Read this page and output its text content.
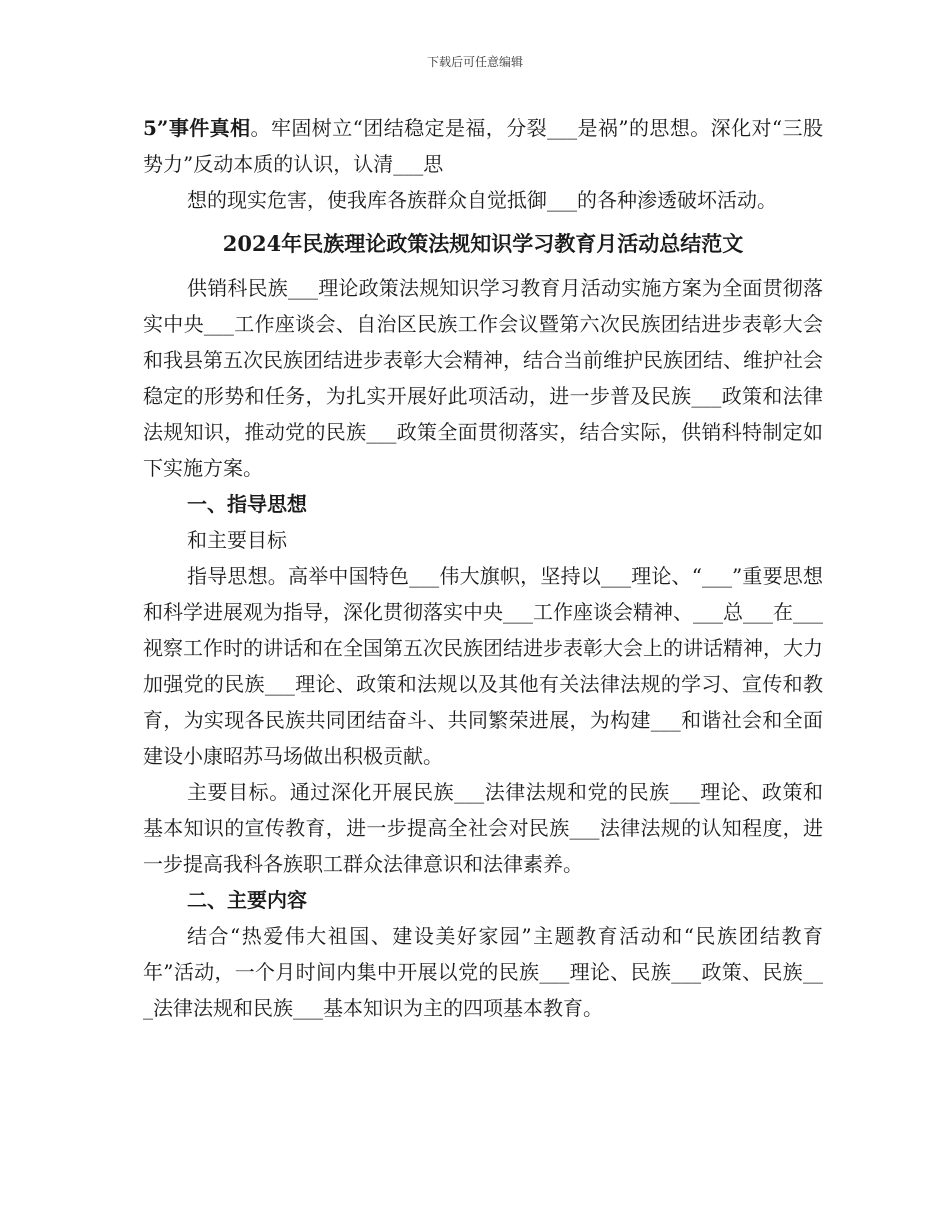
下载后可任意编辑

5”事件真相。牢固树立“团结稳定是福，分裂___是祸”的思想。深化对“三股势力”反动本质的认识，认清___思

想的现实危害，使我库各族群众自觉抵御___的各种渗透破坏活动。

2024年民族理论政策法规知识学习教育月活动总结范文

供销科民族___理论政策法规知识学习教育月活动实施方案为全面贯彻落实中央___工作座谈会、自治区民族工作会议暨第六次民族团结进步表彰大会和我县第五次民族团结进步表彰大会精神，结合当前维护民族团结、维护社会稳定的形势和任务，为扎实开展好此项活动，进一步普及民族___政策和法律法规知识，推动党的民族___政策全面贯彻落实，结合实际，供销科特制定如下实施方案。

一、指导思想

和主要目标

指导思想。高举中国特色___伟大旗帜，坚持以___理论、“___”重要思想和科学进展观为指导，深化贯彻落实中央___工作座谈会精神、___总___在___视察工作时的讲话和在全国第五次民族团结进步表彰大会上的讲话精神，大力加强党的民族___理论、政策和法规以及其他有关法律法规的学习、宣传和教育，为实现各民族共同团结奋斗、共同繁荣进展，为构建___和谐社会和全面建设小康昭苏马场做出积极贡献。

主要目标。通过深化开展民族___法律法规和党的民族___理论、政策和基本知识的宣传教育，进一步提高全社会对民族___法律法规的认知程度，进一步提高我科各族职工群众法律意识和法律素养。

二、主要内容

结合“热爱伟大祖国、建设美好家园”主题教育活动和“民族团结教育年”活动，一个月时间内集中开展以党的民族___理论、民族___政策、民族___法律法规和民族___基本知识为主的四项基本教育。
